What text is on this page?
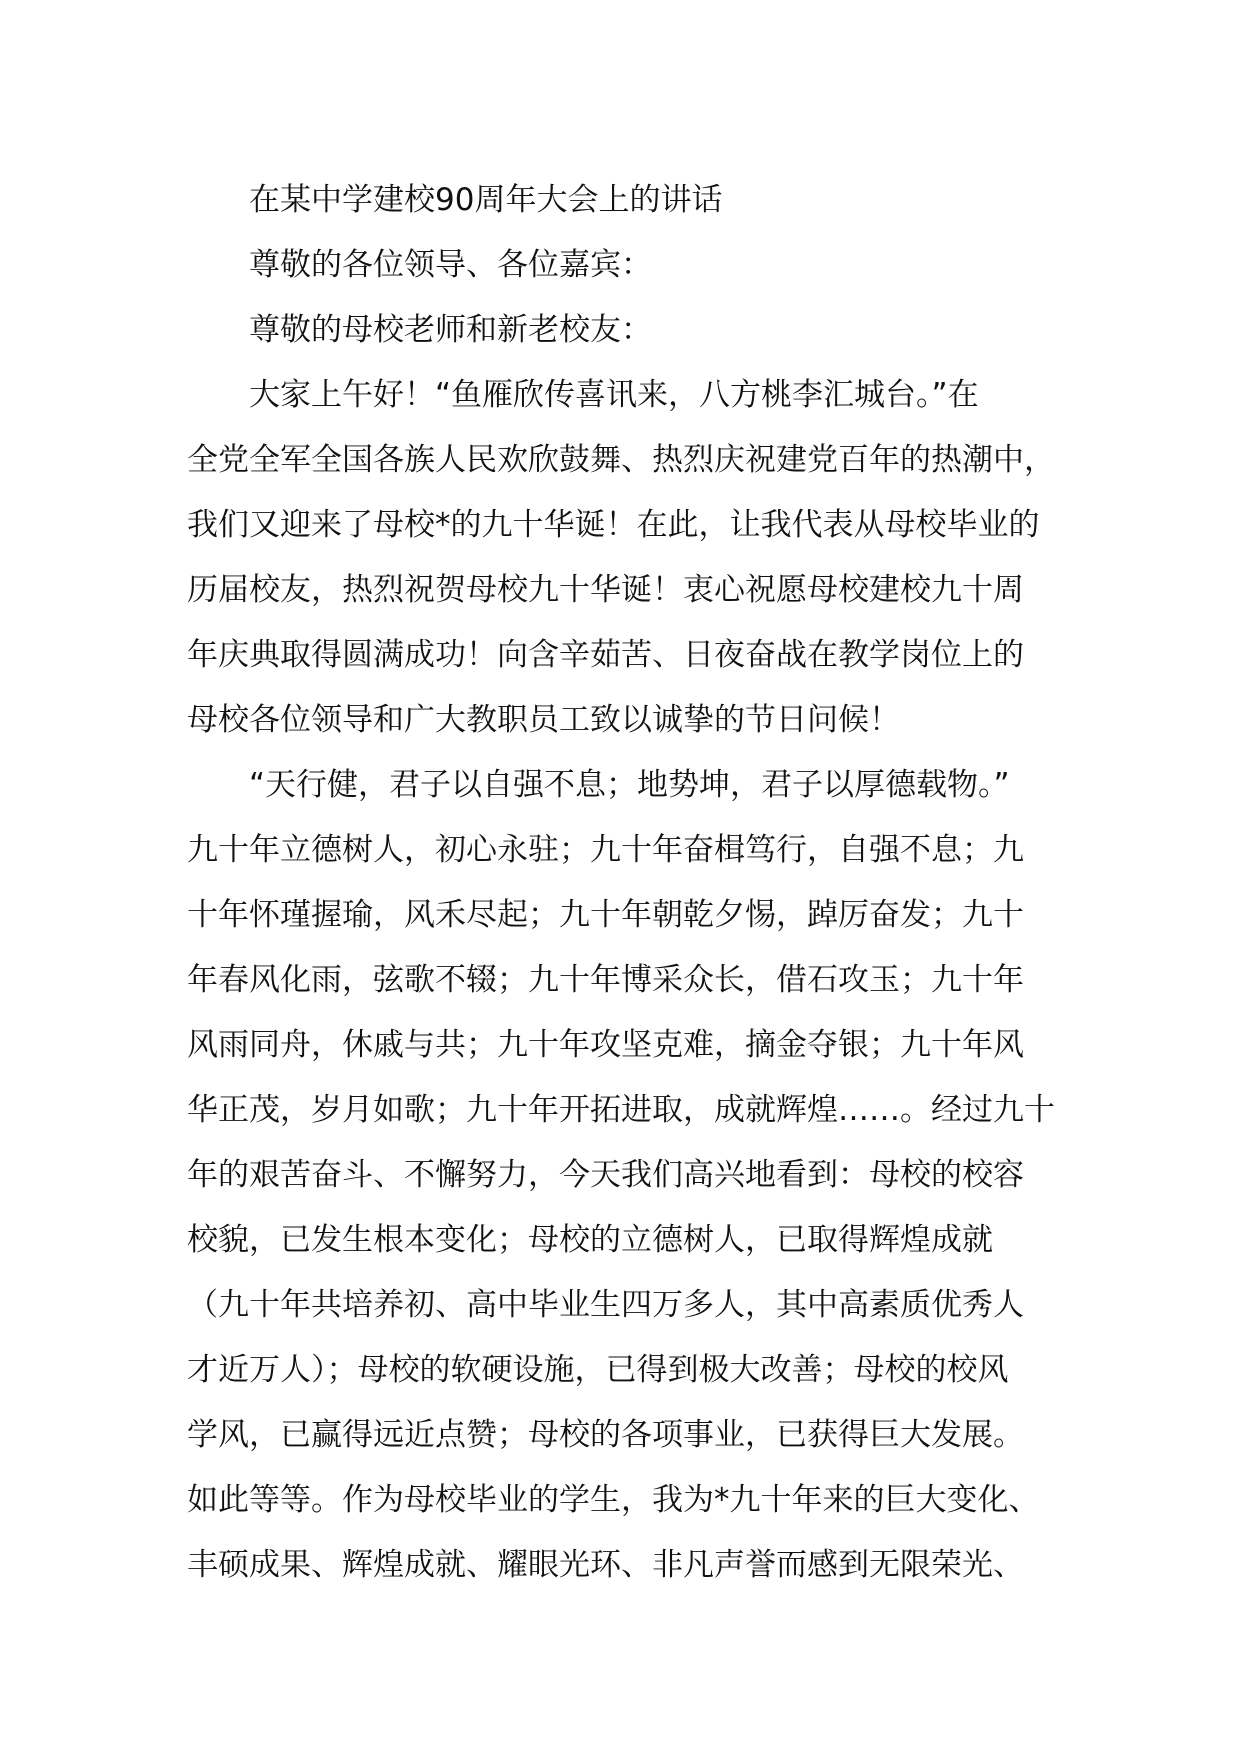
在某中学建校90周年大会上的讲话
尊敬的各位领导、各位嘉宾：
尊敬的母校老师和新老校友：
大家上午好！“鱼雁欣传喜讯来，八方桃李汇城台。”在
全党全军全国各族人民欢欣鼓舞、热烈庆祝建党百年的热潮中，
我们又迎来了母校*的九十华诞！在此，让我代表从母校毕业的
历届校友，热烈祝贺母校九十华诞！衷心祝愿母校建校九十周
年庆典取得圆满成功！向含辛茹苦、日夜奋战在教学岗位上的
母校各位领导和广大教职员工致以诚挚的节日问候！
“天行健，君子以自强不息；地势坤，君子以厚德载物。”
九十年立德树人，初心永驻；九十年奋楫笃行，自强不息；九
十年怀瑾握瑜，风禾尽起；九十年朝乾夕惕，踔厉奋发；九十
年春风化雨，弦歌不辍；九十年博采众长，借石攻玉；九十年
风雨同舟，休戚与共；九十年攻坚克难，摘金夺银；九十年风
华正茂，岁月如歌；九十年开拓进取，成就辉煌……。经过九十
年的艰苦奋斗、不懈努力，今天我们高兴地看到：母校的校容
校貌，已发生根本变化；母校的立德树人，已取得辉煌成就
（九十年共培养初、高中毕业生四万多人，其中高素质优秀人
才近万人）；母校的软硬设施，已得到极大改善；母校的校风
学风，已赢得远近点赞；母校的各项事业，已获得巨大发展。
如此等等。作为母校毕业的学生，我为*九十年来的巨大变化、
丰硕成果、辉煌成就、耀眼光环、非凡声誉而感到无限荣光、
